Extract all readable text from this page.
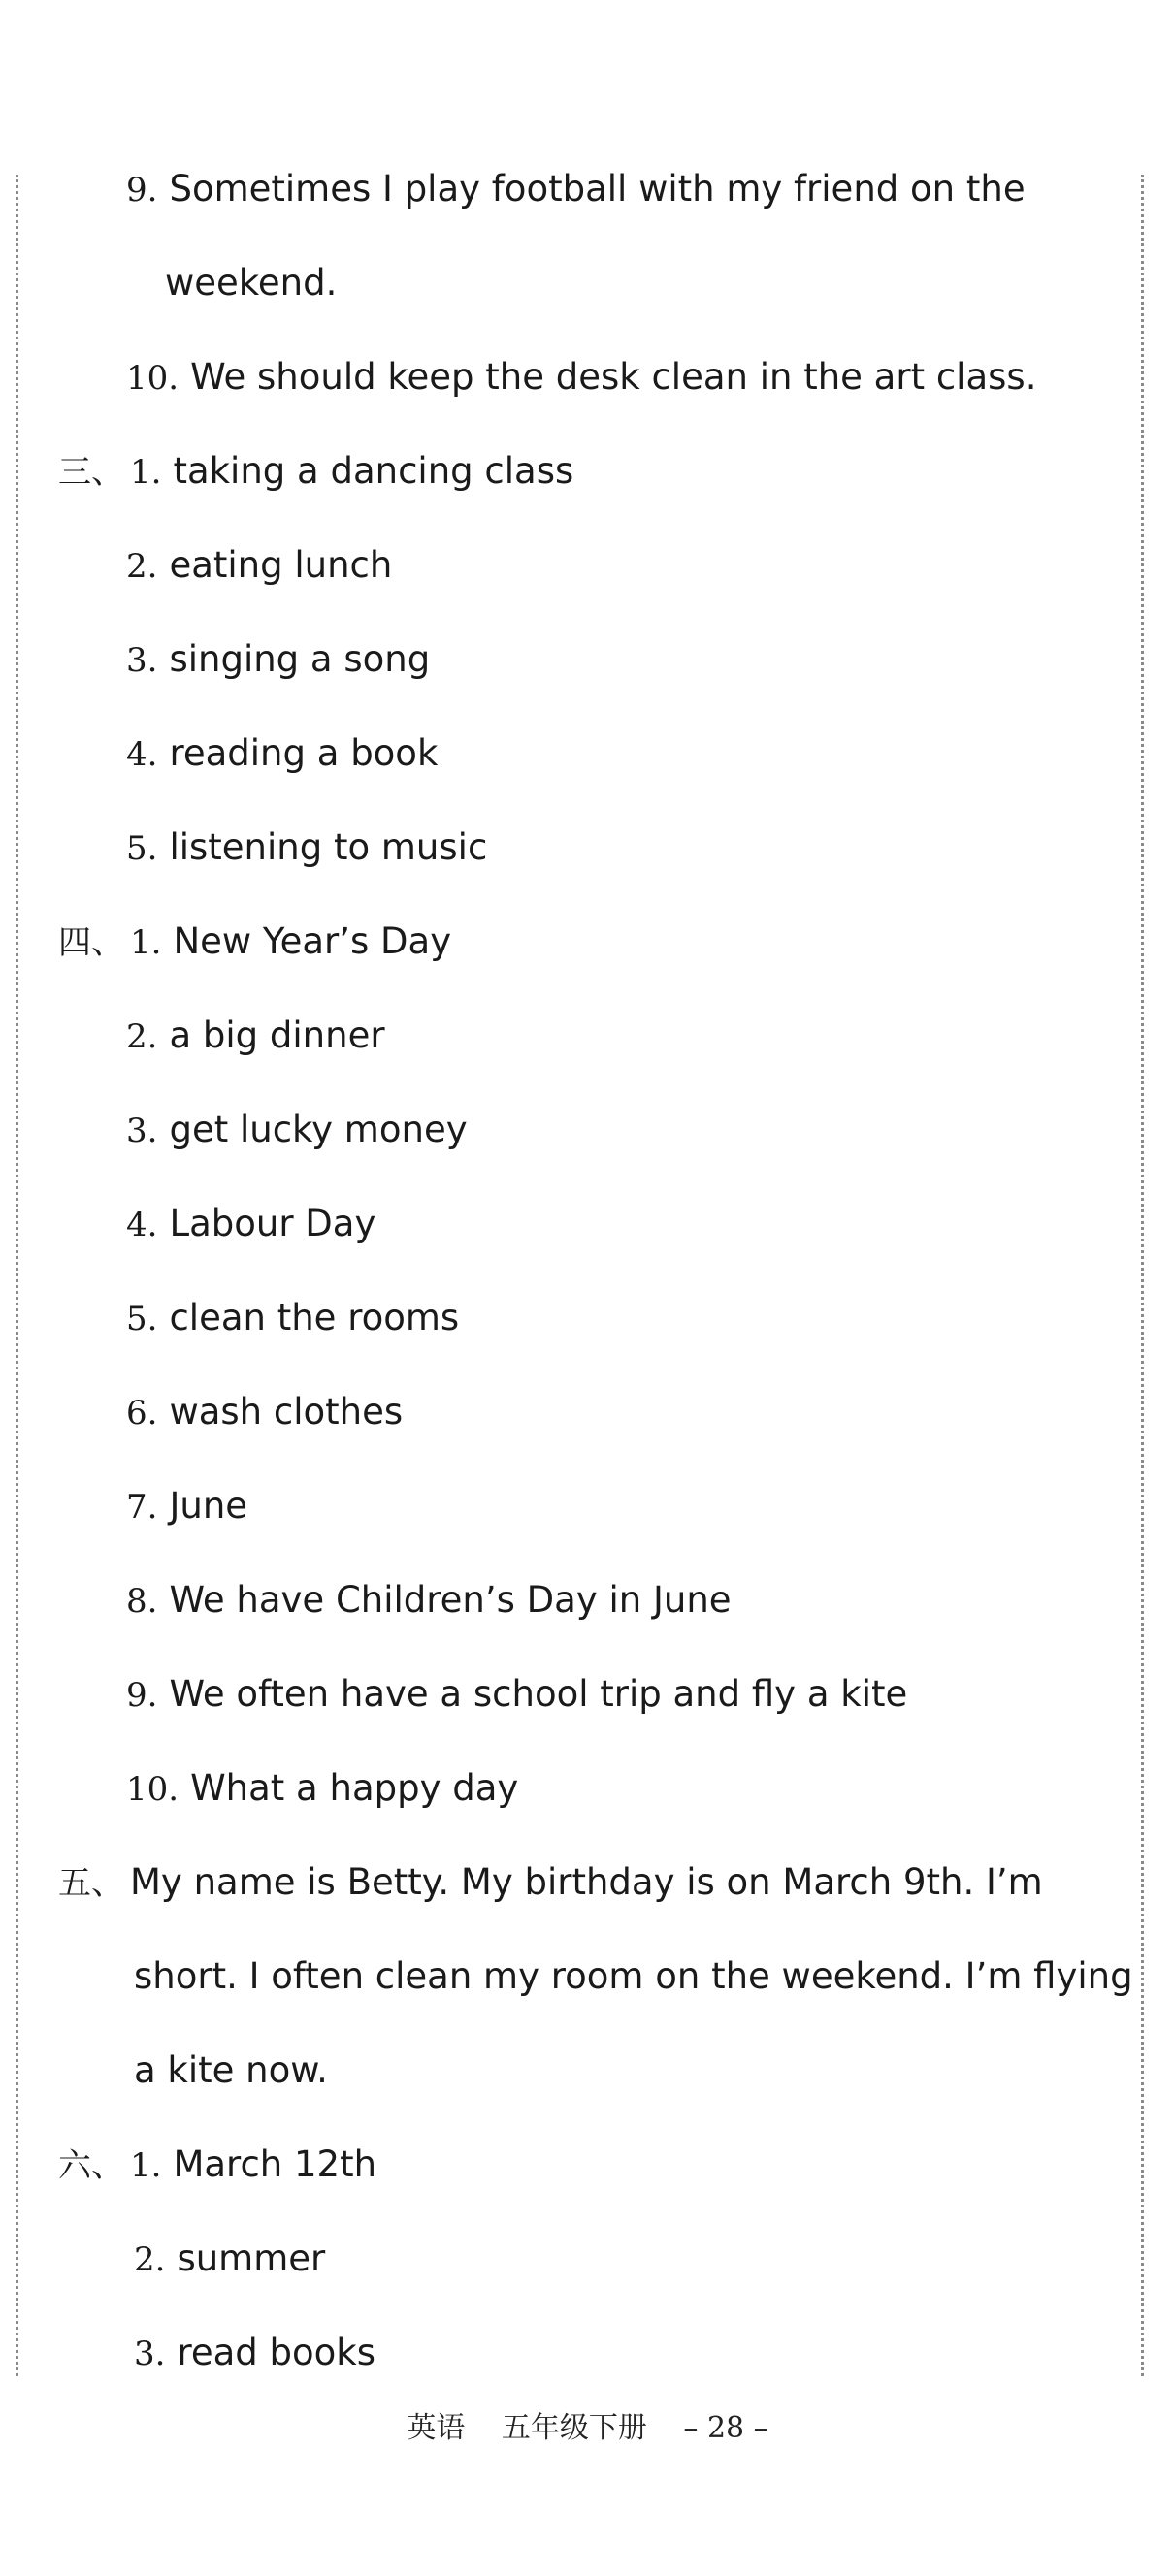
9. Sometimes I play football with my friend on the
weekend.
10. We should keep the desk clean in the art class.
三、 1. taking a dancing class
2. eating lunch
3. singing a song
4. reading a book
5. listening to music
四、 1. New Year’s Day
2. a big dinner
3. get lucky money
4. Labour Day
5. clean the rooms
6. wash clothes
7. June
8. We have Children’s Day in June
9. We often have a school trip and fly a kite
10. What a happy day
五、 My name is Betty. My birthday is on March 9th. I’m
short. I often clean my room on the weekend. I’m flying
a kite now.
六、 1. March 12th
2. summer
3. read books
英语 五年级下册 – 28 –
